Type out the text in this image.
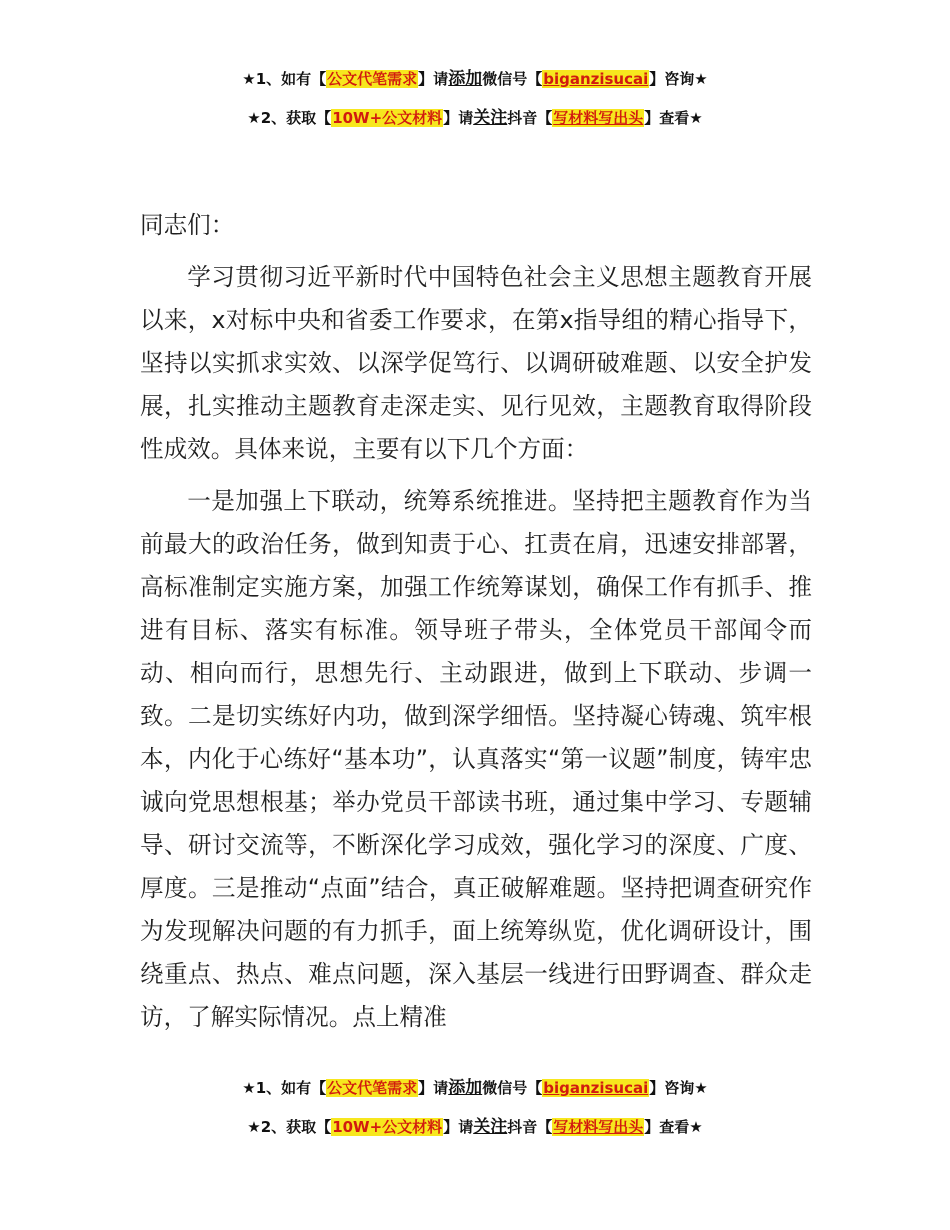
★1、如有【公文代笔需求】请添加微信号【biganzisucai】咨询★
★2、获取【10W+公文材料】请关注抖音【写材料写出头】查看★

同志们：

学习贯彻习近平新时代中国特色社会主义思想主题教育开展以来，x对标中央和省委工作要求，在第x指导组的精心指导下，坚持以实抓求实效、以深学促笃行、以调研破难题、以安全护发展，扎实推动主题教育走深走实、见行见效，主题教育取得阶段性成效。具体来说，主要有以下几个方面：

一是加强上下联动，统筹系统推进。坚持把主题教育作为当前最大的政治任务，做到知责于心、扛责在肩，迅速安排部署，高标准制定实施方案，加强工作统筹谋划，确保工作有抓手、推进有目标、落实有标准。领导班子带头，全体党员干部闻令而动、相向而行，思想先行、主动跟进，做到上下联动、步调一致。二是切实练好内功，做到深学细悟。坚持凝心铸魂、筑牢根本，内化于心练好“基本功”，认真落实“第一议题”制度，铸牢忠诚向党思想根基；举办党员干部读书班，通过集中学习、专题辅导、研讨交流等，不断深化学习成效，强化学习的深度、广度、厚度。三是推动“点面”结合，真正破解难题。坚持把调查研究作为发现解决问题的有力抓手，面上统筹纵览，优化调研设计，围绕重点、热点、难点问题，深入基层一线进行田野调查、群众走访，了解实际情况。点上精准

★1、如有【公文代笔需求】请添加微信号【biganzisucai】咨询★
★2、获取【10W+公文材料】请关注抖音【写材料写出头】查看★
